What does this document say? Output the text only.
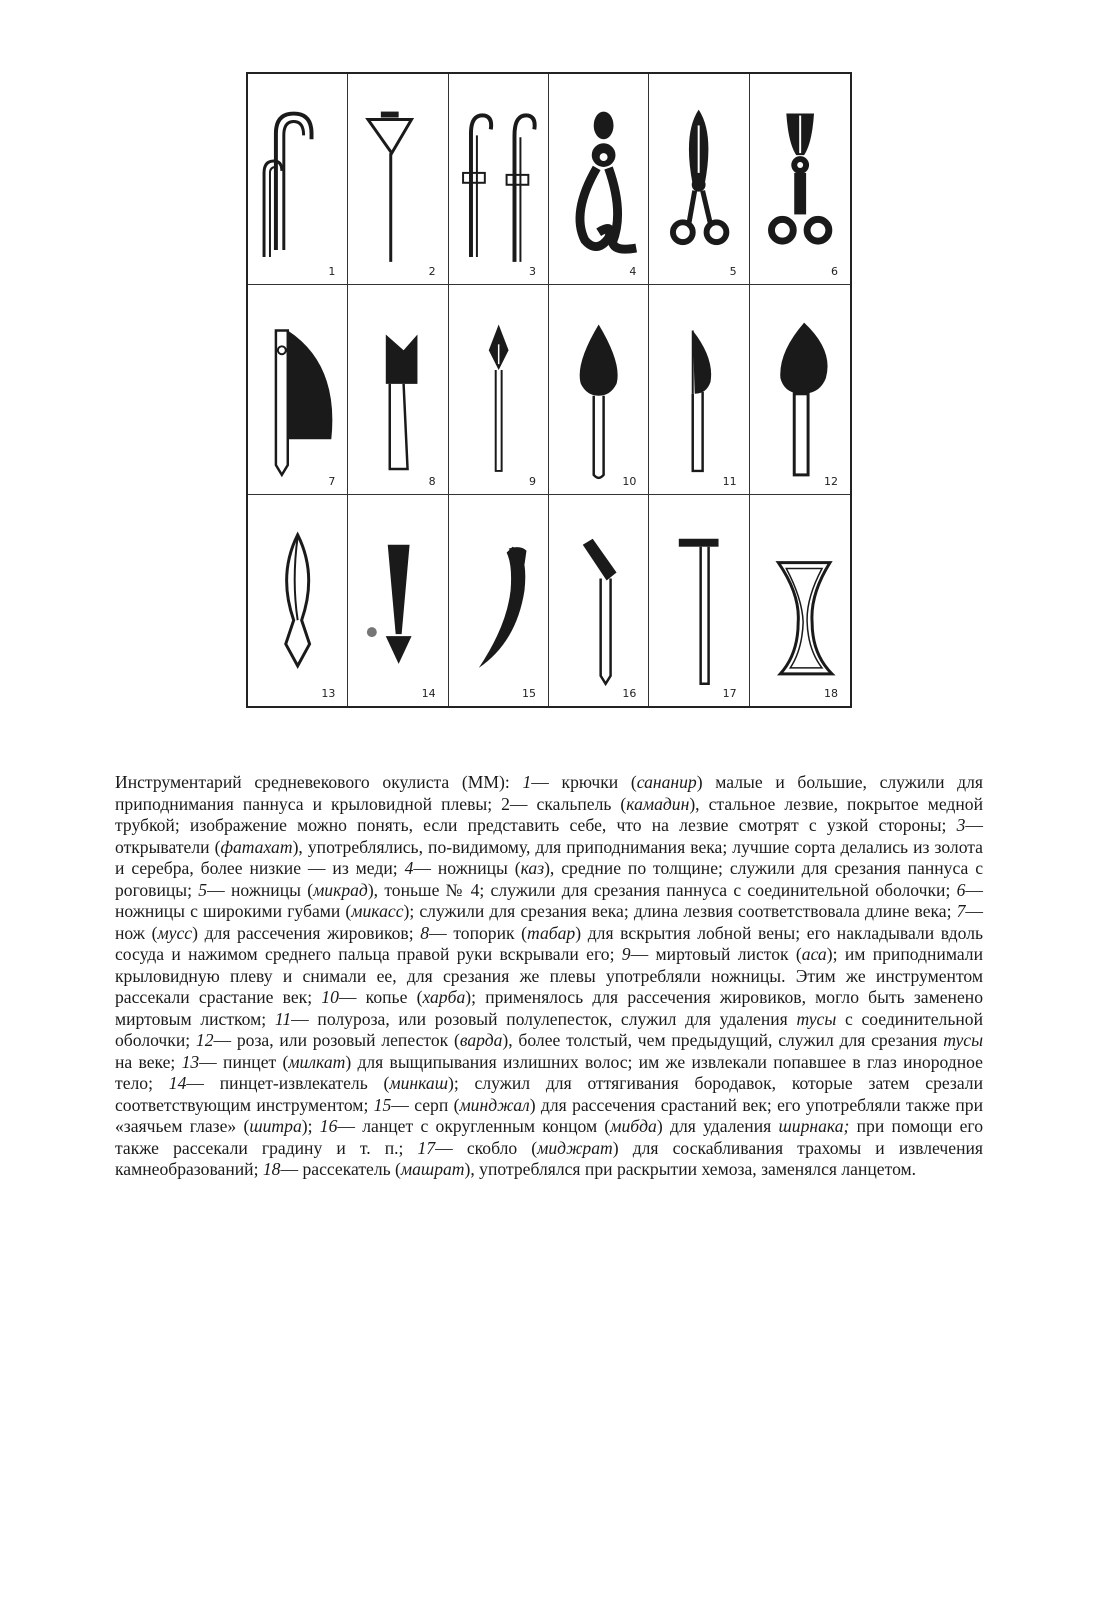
1	2	3	4	5	6
7	8	9	10	11	12
13	14	15	16	17	18
Инструментарий средневекового окулиста (ММ): 1— крючки (сананир) малые и большие, служили для приподнимания паннуса и крыловидной плевы; 2— скальпель (камадин), стальное лезвие, покрытое медной трубкой; изображение можно понять, если представить себе, что на лезвие смотрят с узкой стороны; 3— открыватели (фатахат), употреблялись, по-видимому, для приподнимания века; лучшие сорта делались из золота и серебра, более низкие — из меди; 4— ножницы (каз), средние по толщине; служили для срезания паннуса с роговицы; 5— ножницы (микрад), тоньше № 4; служили для срезания паннуса с соединительной оболочки; 6— ножницы с широкими губами (микасс); служили для срезания века; длина лезвия соответствовала длине века; 7— нож (мусс) для рассечения жировиков; 8— топорик (табар) для вскрытия лобной вены; его накладывали вдоль сосуда и нажимом среднего пальца правой руки вскрывали его; 9— миртовый листок (аса); им приподнимали крыловидную плеву и снимали ее, для срезания же плевы употребляли ножницы. Этим же инструментом рассекали срастание век; 10— копье (харба); применялось для рассечения жировиков, могло быть заменено миртовым листком; 11— полуроза, или розовый полулепесток, служил для удаления тусы с соединительной оболочки; 12— роза, или розовый лепесток (варда), более толстый, чем предыдущий, служил для срезания тусы на веке; 13— пинцет (милкат) для выщипывания излишних волос; им же извлекали попавшее в глаз инородное тело; 14— пинцет-извлекатель (минкаш); служил для оттягивания бородавок, которые затем срезали соответствующим инструментом; 15— серп (минджал) для рассечения срастаний век; его употребляли также при «заячьем глазе» (шитра); 16— ланцет с округленным концом (мибда) для удаления ширнака; при помощи его также рассекали градину и т. п.; 17— скобло (миджрат) для соскабливания трахомы и извлечения камнеобразований; 18— рассекатель (машрат), употреблялся при раскрытии хемоза, заменялся ланцетом.
